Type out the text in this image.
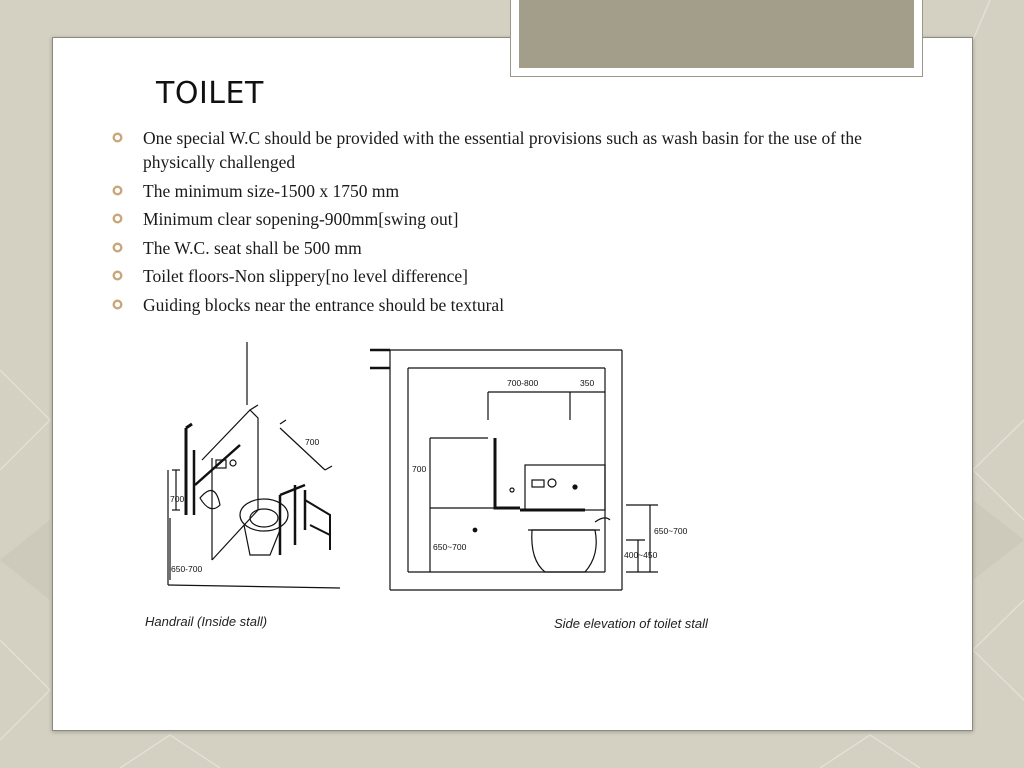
TOILET
One special W.C should be provided with the essential provisions such as wash basin for the use of the physically challenged
The minimum size-1500 x 1750 mm
Minimum clear sopening-900mm[swing out]
The W.C. seat shall be 500 mm
Toilet floors-Non slippery[no level difference]
Guiding blocks near the entrance should be textural
700
700
650-700
700-800	350
700
650~700
650~700
400~450
Handrail (Inside stall)	Side elevation of toilet stall
